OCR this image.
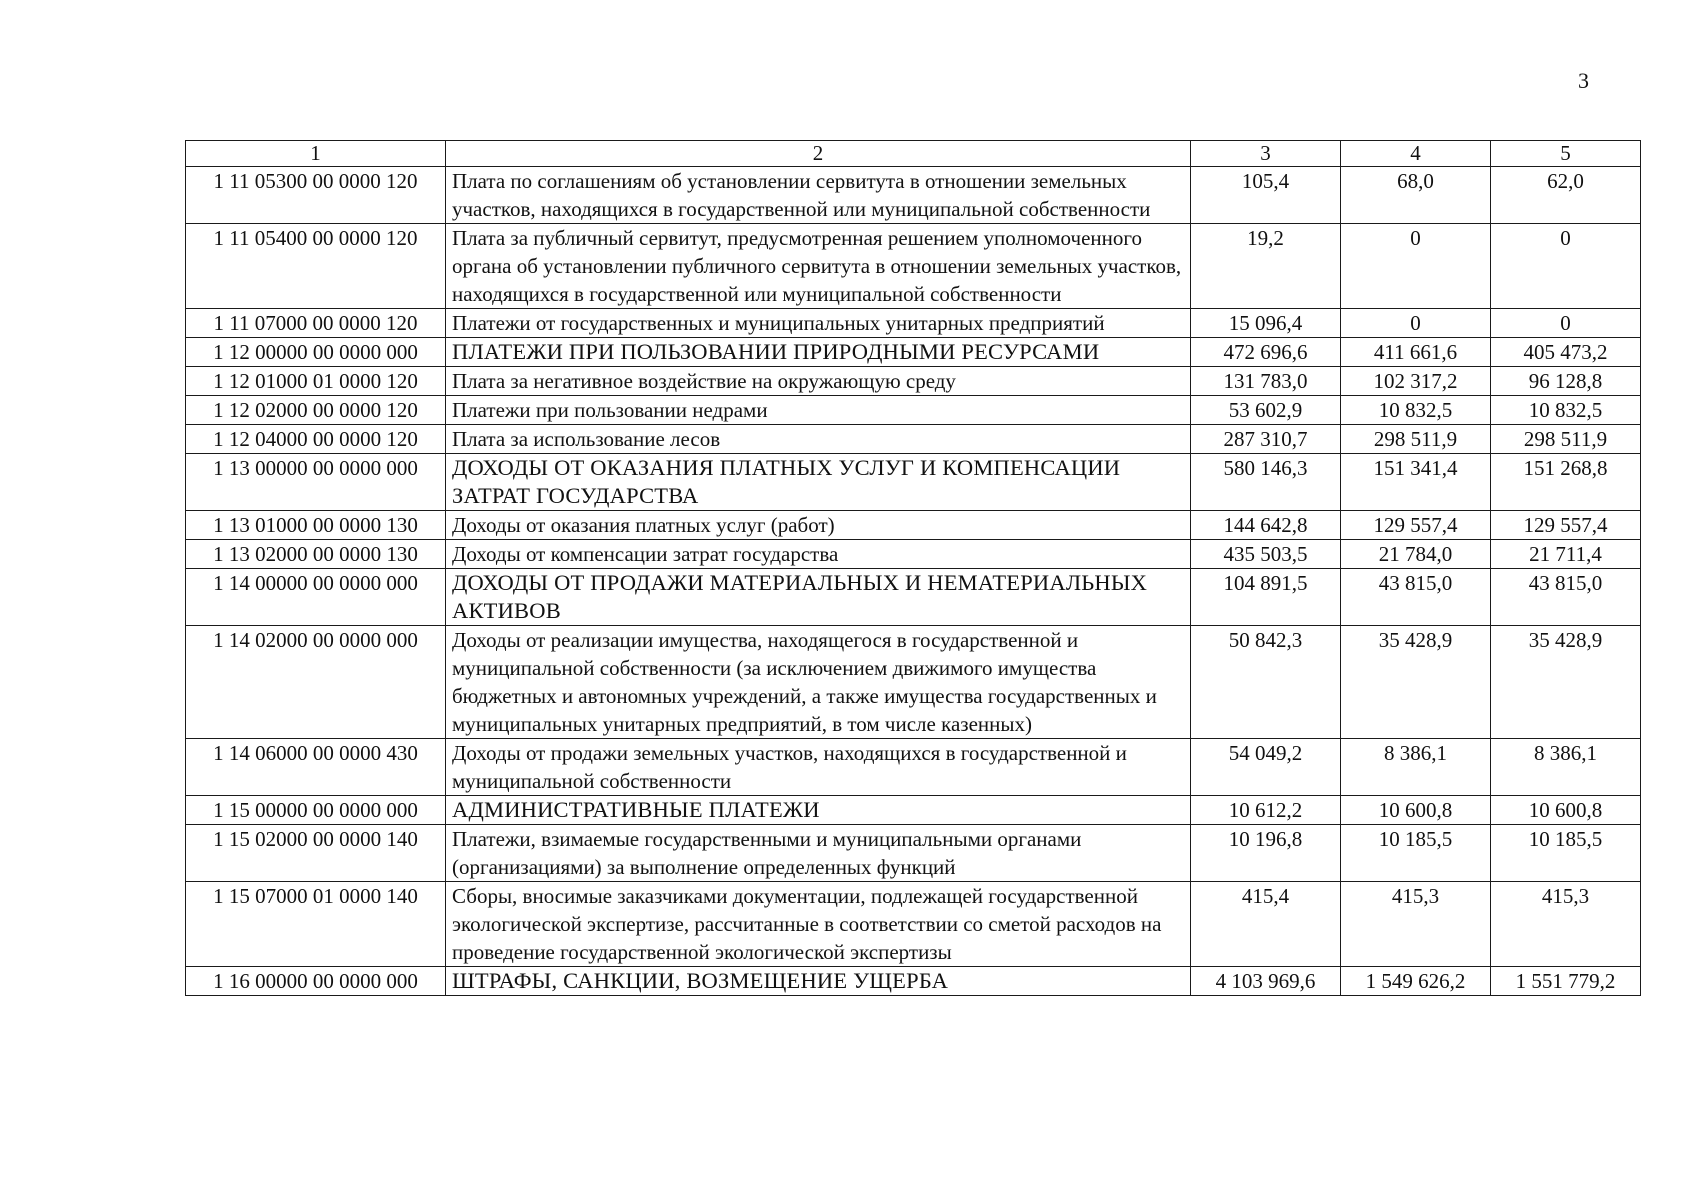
3
1	2	3	4	5
1 11 05300 00 0000 120	Плата по соглашениям об установлении сервитута в отношении земельных участков, находящихся в государственной или муниципальной собственности	105,4	68,0	62,0
1 11 05400 00 0000 120	Плата за публичный сервитут, предусмотренная решением уполномоченного органа об установлении публичного сервитута в отношении земельных участков, находящихся в государственной или муниципальной собственности	19,2	0	0
1 11 07000 00 0000 120	Платежи от государственных и муниципальных унитарных предприятий	15 096,4	0	0
1 12 00000 00 0000 000	ПЛАТЕЖИ ПРИ ПОЛЬЗОВАНИИ ПРИРОДНЫМИ РЕСУРСАМИ	472 696,6	411 661,6	405 473,2
1 12 01000 01 0000 120	Плата за негативное воздействие на окружающую среду	131 783,0	102 317,2	96 128,8
1 12 02000 00 0000 120	Платежи при пользовании недрами	53 602,9	10 832,5	10 832,5
1 12 04000 00 0000 120	Плата за использование лесов	287 310,7	298 511,9	298 511,9
1 13 00000 00 0000 000	ДОХОДЫ ОТ ОКАЗАНИЯ ПЛАТНЫХ УСЛУГ И КОМПЕНСАЦИИ ЗАТРАТ ГОСУДАРСТВА	580 146,3	151 341,4	151 268,8
1 13 01000 00 0000 130	Доходы от оказания платных услуг (работ)	144 642,8	129 557,4	129 557,4
1 13 02000 00 0000 130	Доходы от компенсации затрат государства	435 503,5	21 784,0	21 711,4
1 14 00000 00 0000 000	ДОХОДЫ ОТ ПРОДАЖИ МАТЕРИАЛЬНЫХ И НЕМАТЕРИАЛЬНЫХ АКТИВОВ	104 891,5	43 815,0	43 815,0
1 14 02000 00 0000 000	Доходы от реализации имущества, находящегося в государственной и муниципальной собственности (за исключением движимого имущества бюджетных и автономных учреждений, а также имущества государственных и муниципальных унитарных предприятий, в том числе казенных)	50 842,3	35 428,9	35 428,9
1 14 06000 00 0000 430	Доходы от продажи земельных участков, находящихся в государственной и муниципальной собственности	54 049,2	8 386,1	8 386,1
1 15 00000 00 0000 000	АДМИНИСТРАТИВНЫЕ ПЛАТЕЖИ	10 612,2	10 600,8	10 600,8
1 15 02000 00 0000 140	Платежи, взимаемые государственными и муниципальными органами (организациями) за выполнение определенных функций	10 196,8	10 185,5	10 185,5
1 15 07000 01 0000 140	Сборы, вносимые заказчиками документации, подлежащей государственной экологической экспертизе, рассчитанные в соответствии со сметой расходов на проведение государственной экологической экспертизы	415,4	415,3	415,3
1 16 00000 00 0000 000	ШТРАФЫ, САНКЦИИ, ВОЗМЕЩЕНИЕ УЩЕРБА	4 103 969,6	1 549 626,2	1 551 779,2
